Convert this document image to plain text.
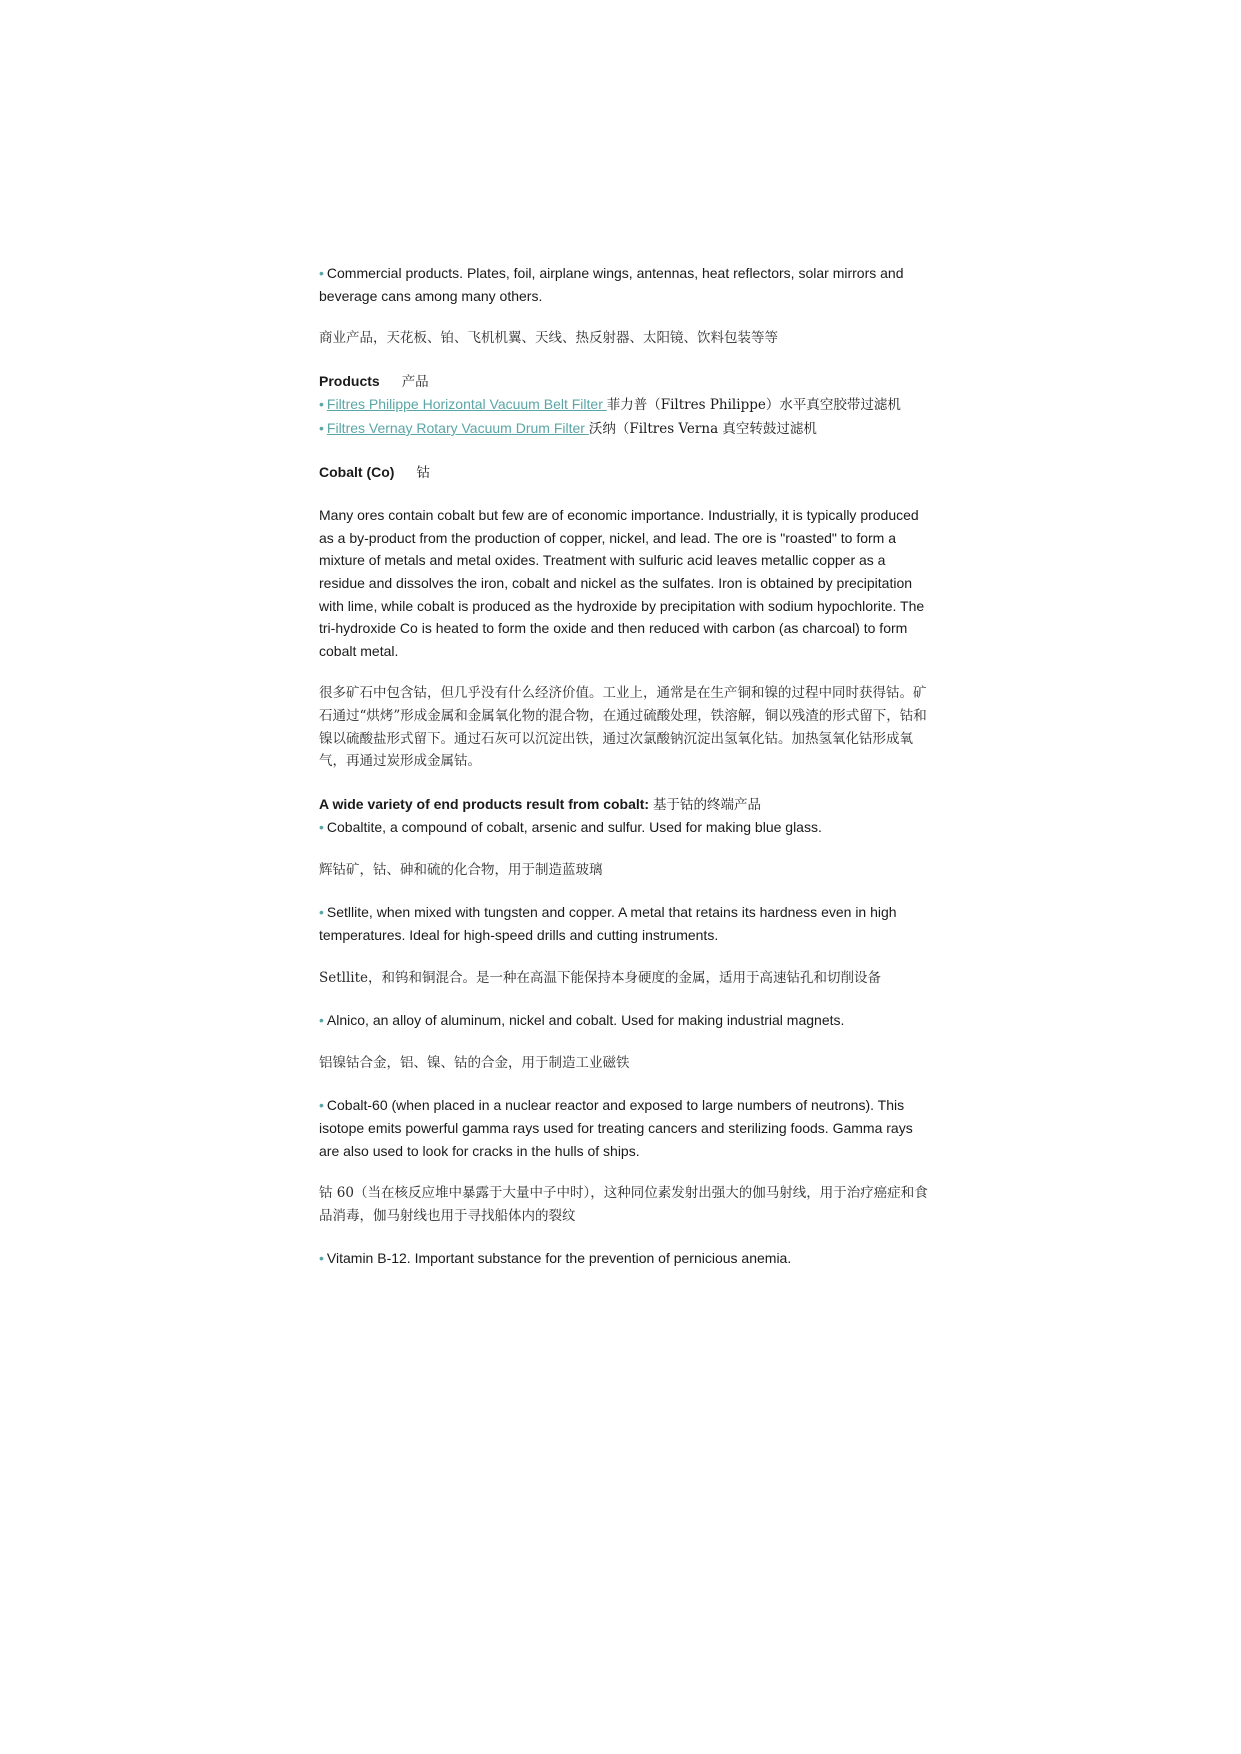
• Commercial products. Plates, foil, airplane wings, antennas, heat reflectors, solar mirrors and beverage cans among many others.

商业产品，天花板、铂、飞机机翼、天线、热反射器、太阳镜、饮料包装等等

Products 产品

• Filtres Philippe Horizontal Vacuum Belt Filter 菲力普（Filtres Philippe）水平真空胶带过滤机

• Filtres Vernay Rotary Vacuum Drum Filter 沃纳（Filtres Verna 真空转鼓过滤机

Cobalt (Co) 钴

Many ores contain cobalt but few are of economic importance. Industrially, it is typically produced as a by-product from the production of copper, nickel, and lead. The ore is "roasted" to form a mixture of metals and metal oxides. Treatment with sulfuric acid leaves metallic copper as a residue and dissolves the iron, cobalt and nickel as the sulfates. Iron is obtained by precipitation with lime, while cobalt is produced as the hydroxide by precipitation with sodium hypochlorite. The tri-hydroxide Co is heated to form the oxide and then reduced with carbon (as charcoal) to form cobalt metal.

很多矿石中包含钴，但几乎没有什么经济价值。工业上，通常是在生产铜和镍的过程中同时获得钴。矿石通过“烘烤”形成金属和金属氧化物的混合物，在通过硫酸处理，铁溶解，铜以残渣的形式留下，钴和镍以硫酸盐形式留下。通过石灰可以沉淀出铁，通过次氯酸钠沉淀出氢氧化钴。加热氢氧化钴形成氧气，再通过炭形成金属钴。

A wide variety of end products result from cobalt: 基于钴的终端产品

• Cobaltite, a compound of cobalt, arsenic and sulfur. Used for making blue glass.

辉钴矿，钴、砷和硫的化合物，用于制造蓝玻璃

• Setllite, when mixed with tungsten and copper. A metal that retains its hardness even in high temperatures. Ideal for high-speed drills and cutting instruments.

Setllite，和钨和铜混合。是一种在高温下能保持本身硬度的金属，适用于高速钻孔和切削设备

• Alnico, an alloy of aluminum, nickel and cobalt. Used for making industrial magnets.

铝镍钴合金，铝、镍、钴的合金，用于制造工业磁铁

• Cobalt-60 (when placed in a nuclear reactor and exposed to large numbers of neutrons). This isotope emits powerful gamma rays used for treating cancers and sterilizing foods. Gamma rays are also used to look for cracks in the hulls of ships.

钴 60（当在核反应堆中暴露于大量中子中时），这种同位素发射出强大的伽马射线，用于治疗癌症和食品消毒，伽马射线也用于寻找船体内的裂纹

• Vitamin B-12. Important substance for the prevention of pernicious anemia.
